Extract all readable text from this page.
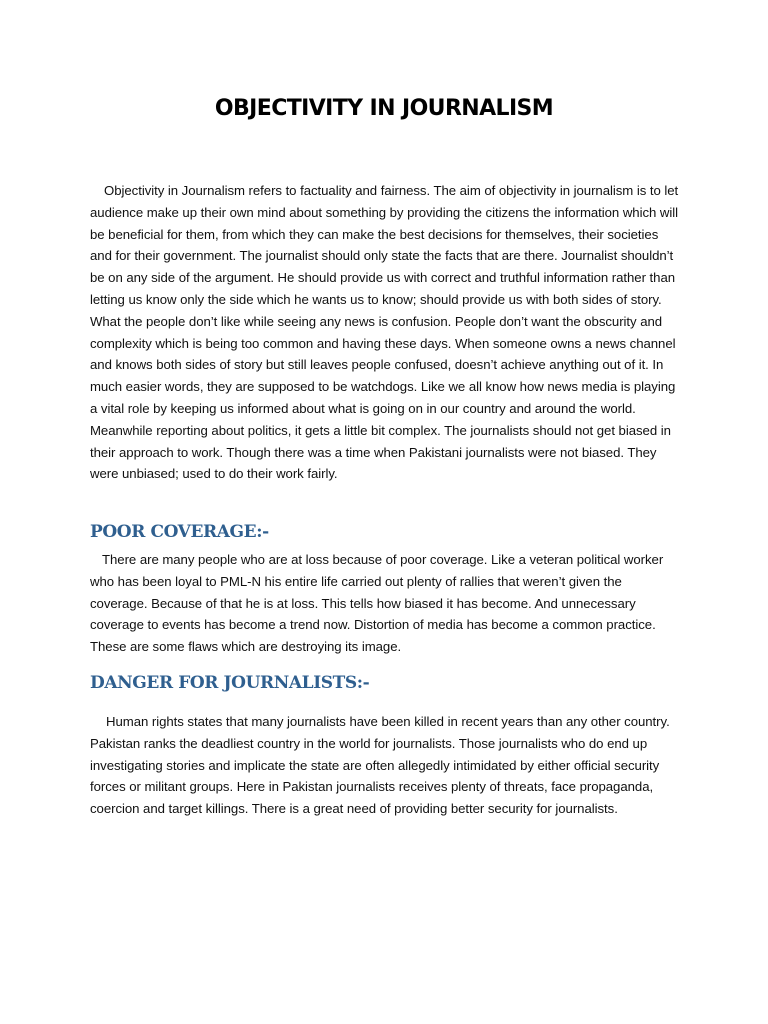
OBJECTIVITY IN JOURNALISM

Objectivity in Journalism refers to factuality and fairness. The aim of objectivity in journalism is to let audience make up their own mind about something by providing the citizens the information which will be beneficial for them, from which they can make the best decisions for themselves, their societies and for their government. The journalist should only state the facts that are there. Journalist shouldn’t be on any side of the argument. He should provide us with correct and truthful information rather than letting us know only the side which he wants us to know; should provide us with both sides of story. What the people don’t like while seeing any news is confusion. People don’t want the obscurity and complexity which is being too common and having these days. When someone owns a news channel and knows both sides of story but still leaves people confused, doesn’t achieve anything out of it. In much easier words, they are supposed to be watchdogs. Like we all know how news media is playing a vital role by keeping us informed about what is going on in our country and around the world. Meanwhile reporting about politics, it gets a little bit complex. The journalists should not get biased in their approach to work. Though there was a time when Pakistani journalists were not biased. They were unbiased; used to do their work fairly.

POOR COVERAGE:-

There are many people who are at loss because of poor coverage. Like a veteran political worker who has been loyal to PML-N his entire life carried out plenty of rallies that weren’t given the coverage. Because of that he is at loss. This tells how biased it has become. And unnecessary coverage to events has become a trend now. Distortion of media has become a common practice. These are some flaws which are destroying its image.

DANGER FOR JOURNALISTS:-

Human rights states that many journalists have been killed in recent years than any other country. Pakistan ranks the deadliest country in the world for journalists. Those journalists who do end up investigating stories and implicate the state are often allegedly intimidated by either official security forces or militant groups. Here in Pakistan journalists receives plenty of threats, face propaganda, coercion and target killings. There is a great need of providing better security for journalists.
